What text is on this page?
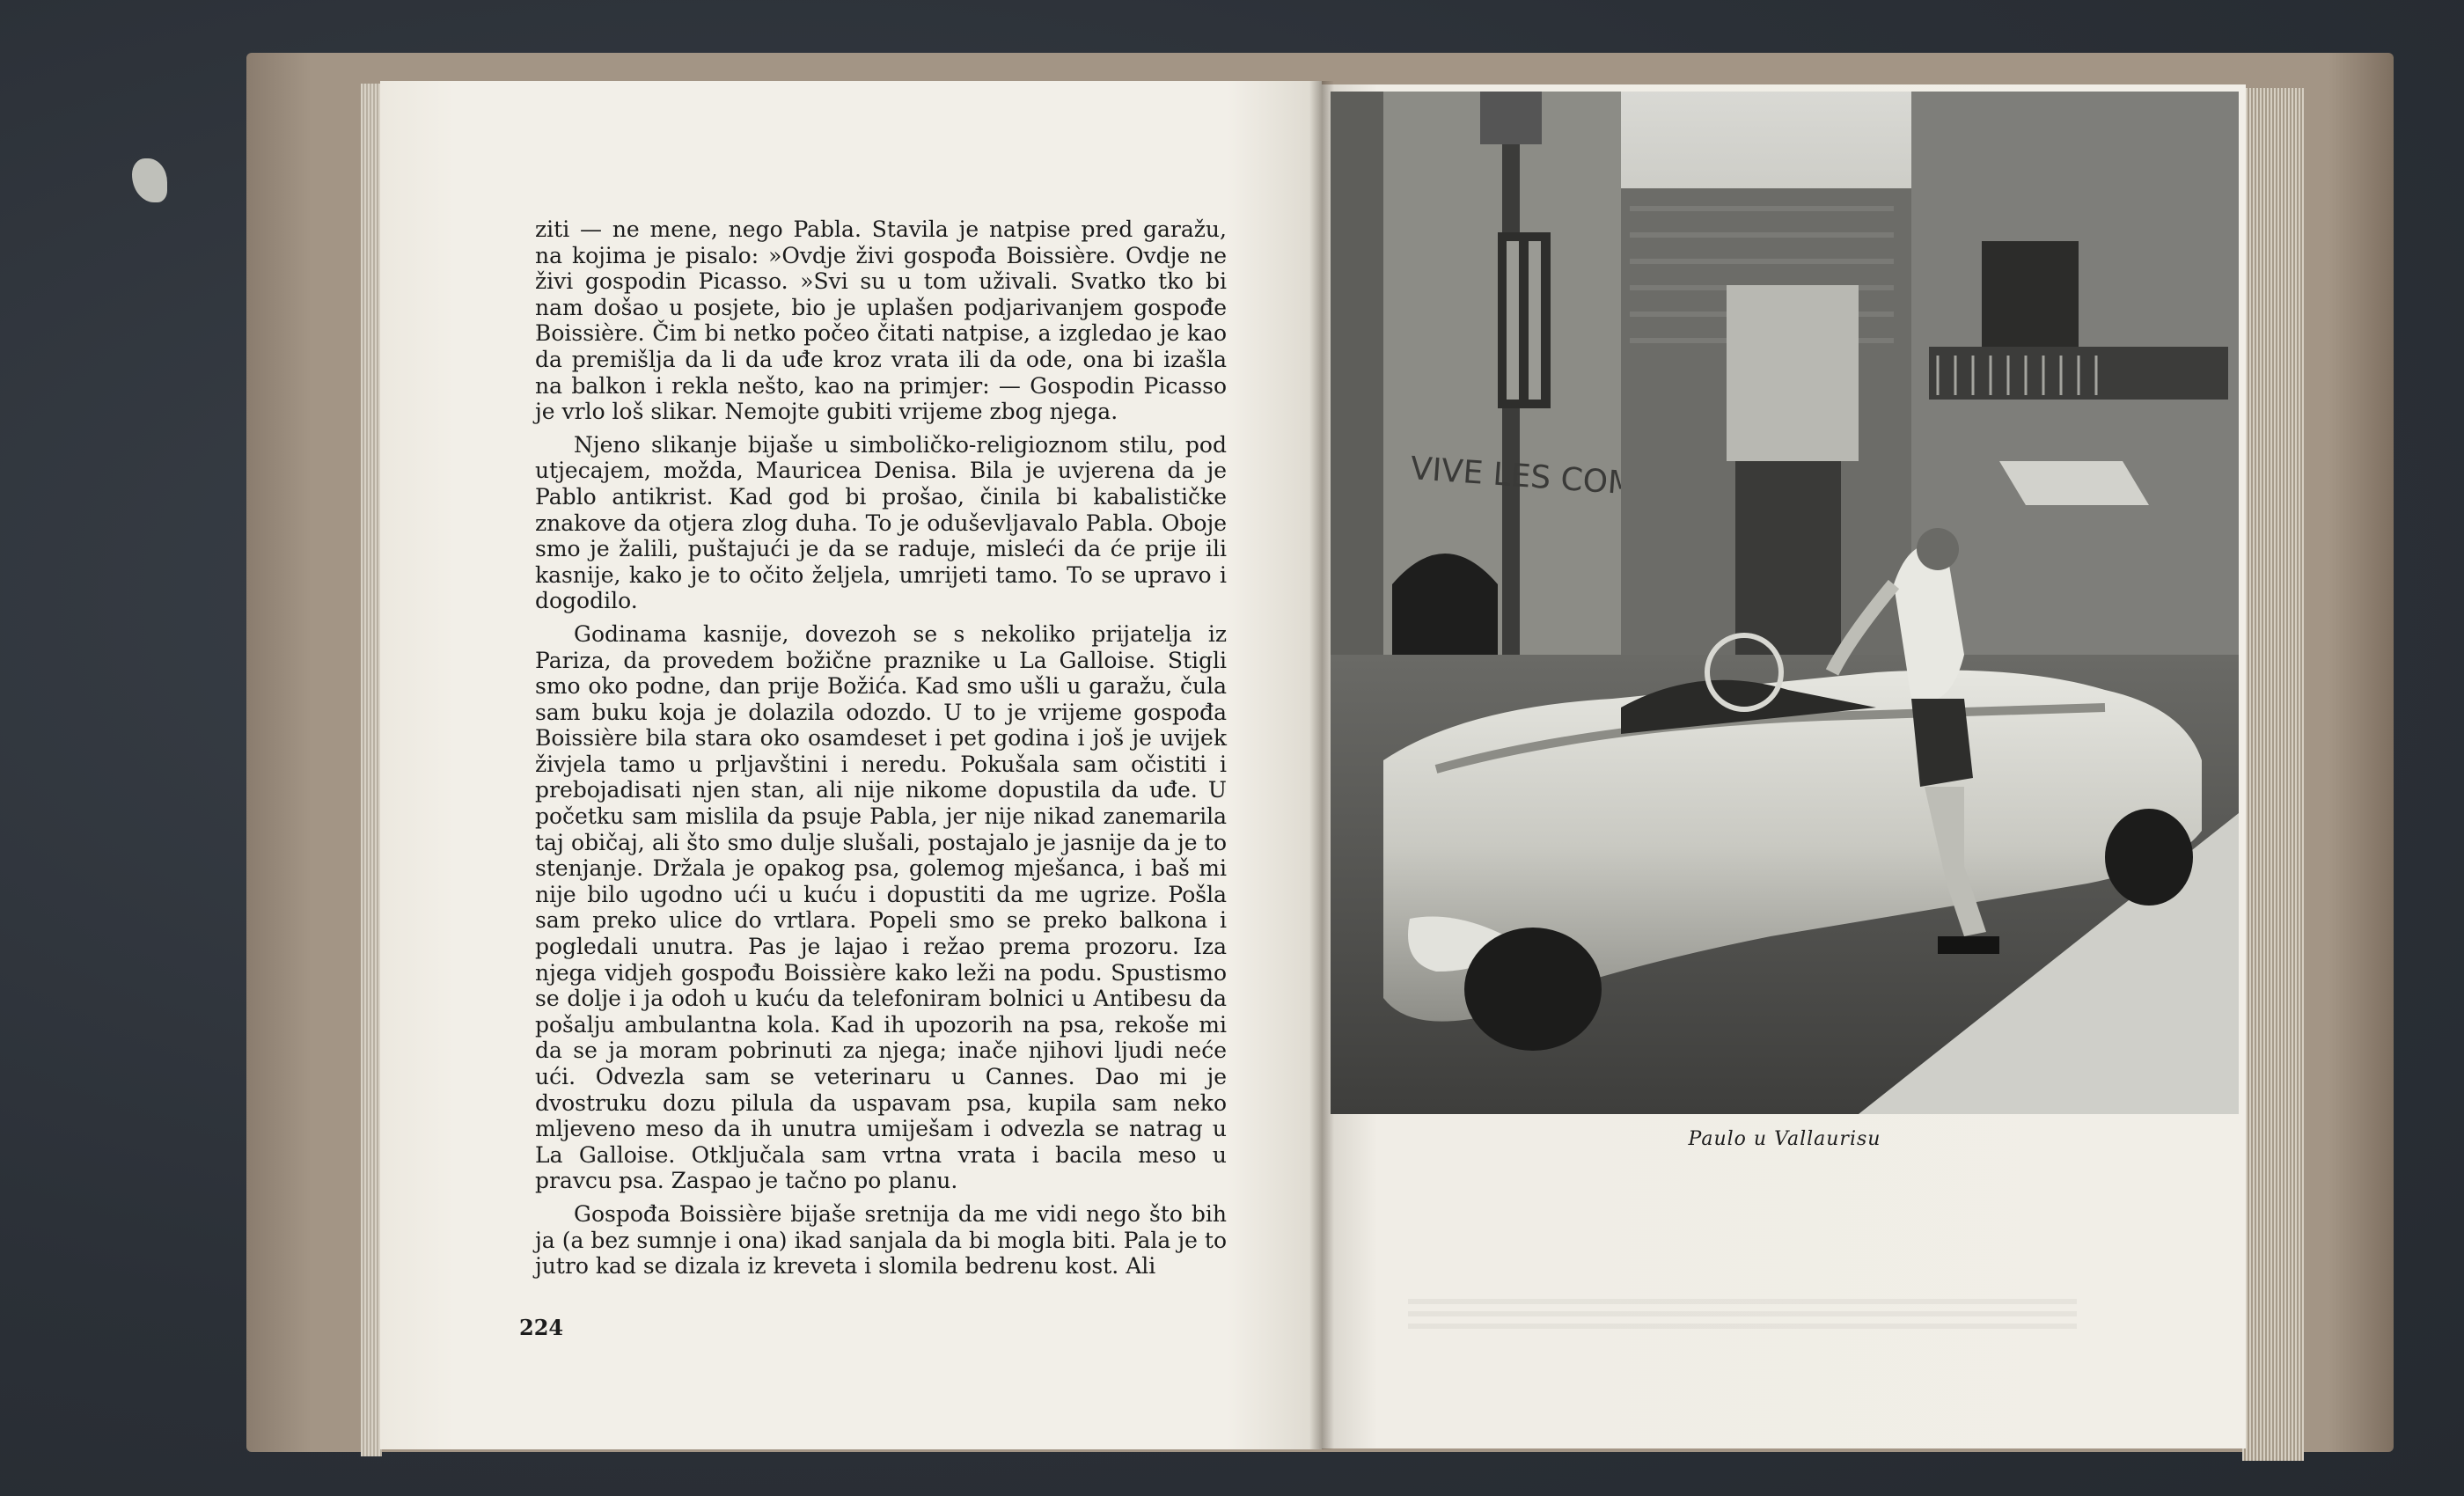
ziti — ne mene, nego Pabla. Stavila je natpise pred garažu, na kojima je pisalo: »Ovdje živi gospođa Boissière. Ovdje ne živi gospodin Picasso. »Svi su u tom uživali. Svatko tko bi nam došao u posjete, bio je uplašen podjarivanjem gospođe Boissière. Čim bi netko počeo čitati natpise, a izgledao je kao da premišlja da li da uđe kroz vrata ili da ode, ona bi izašla na balkon i rekla nešto, kao na primjer: — Gospodin Picasso je vrlo loš slikar. Nemojte gubiti vrijeme zbog njega.

Njeno slikanje bijaše u simboličko-religioznom stilu, pod utjecajem, možda, Mauricea Denisa. Bila je uvjerena da je Pablo antikrist. Kad god bi prošao, činila bi kabalističke znakove da otjera zlog duha. To je oduševljavalo Pabla. Oboje smo je žalili, puštajući je da se raduje, misleći da će prije ili kasnije, kako je to očito željela, umrijeti tamo. To se upravo i dogodilo.

Godinama kasnije, dovezoh se s nekoliko prijatelja iz Pariza, da provedem božične praznike u La Galloise. Stigli smo oko podne, dan prije Božića. Kad smo ušli u garažu, čula sam buku koja je dolazila odozdo. U to je vrijeme gospođa Boissière bila stara oko osamdeset i pet godina i još je uvijek živjela tamo u prljavštini i neredu. Pokušala sam očistiti i prebojadisati njen stan, ali nije nikome dopustila da uđe. U početku sam mislila da psuje Pabla, jer nije nikad zanemarila taj običaj, ali što smo dulje slušali, postajalo je jasnije da je to stenjanje. Držala je opakog psa, golemog mješanca, i baš mi nije bilo ugodno ući u kuću i dopustiti da me ugrize. Pošla sam preko ulice do vrtlara. Popeli smo se preko balkona i pogledali unutra. Pas je lajao i režao prema prozoru. Iza njega vidjeh gospođu Boissière kako leži na podu. Spustismo se dolje i ja odoh u kuću da telefoniram bolnici u Antibesu da pošalju ambulantna kola. Kad ih upozorih na psa, rekoše mi da se ja moram pobrinuti za njega; inače njihovi ljudi neće ući. Odvezla sam se veterinaru u Cannes. Dao mi je dvostruku dozu pilula da uspavam psa, kupila sam neko mljeveno meso da ih unutra umiješam i odvezla se natrag u La Galloise. Otključala sam vrtna vrata i bacila meso u pravcu psa. Zaspao je tačno po planu.

Gospođa Boissière bijaše sretnija da me vidi nego što bih ja (a bez sumnje i ona) ikad sanjala da bi mogla biti. Pala je to jutro kad se dizala iz kreveta i slomila bedrenu kost. Ali

224
VIVE LES
Paulo u Vallaurisu
